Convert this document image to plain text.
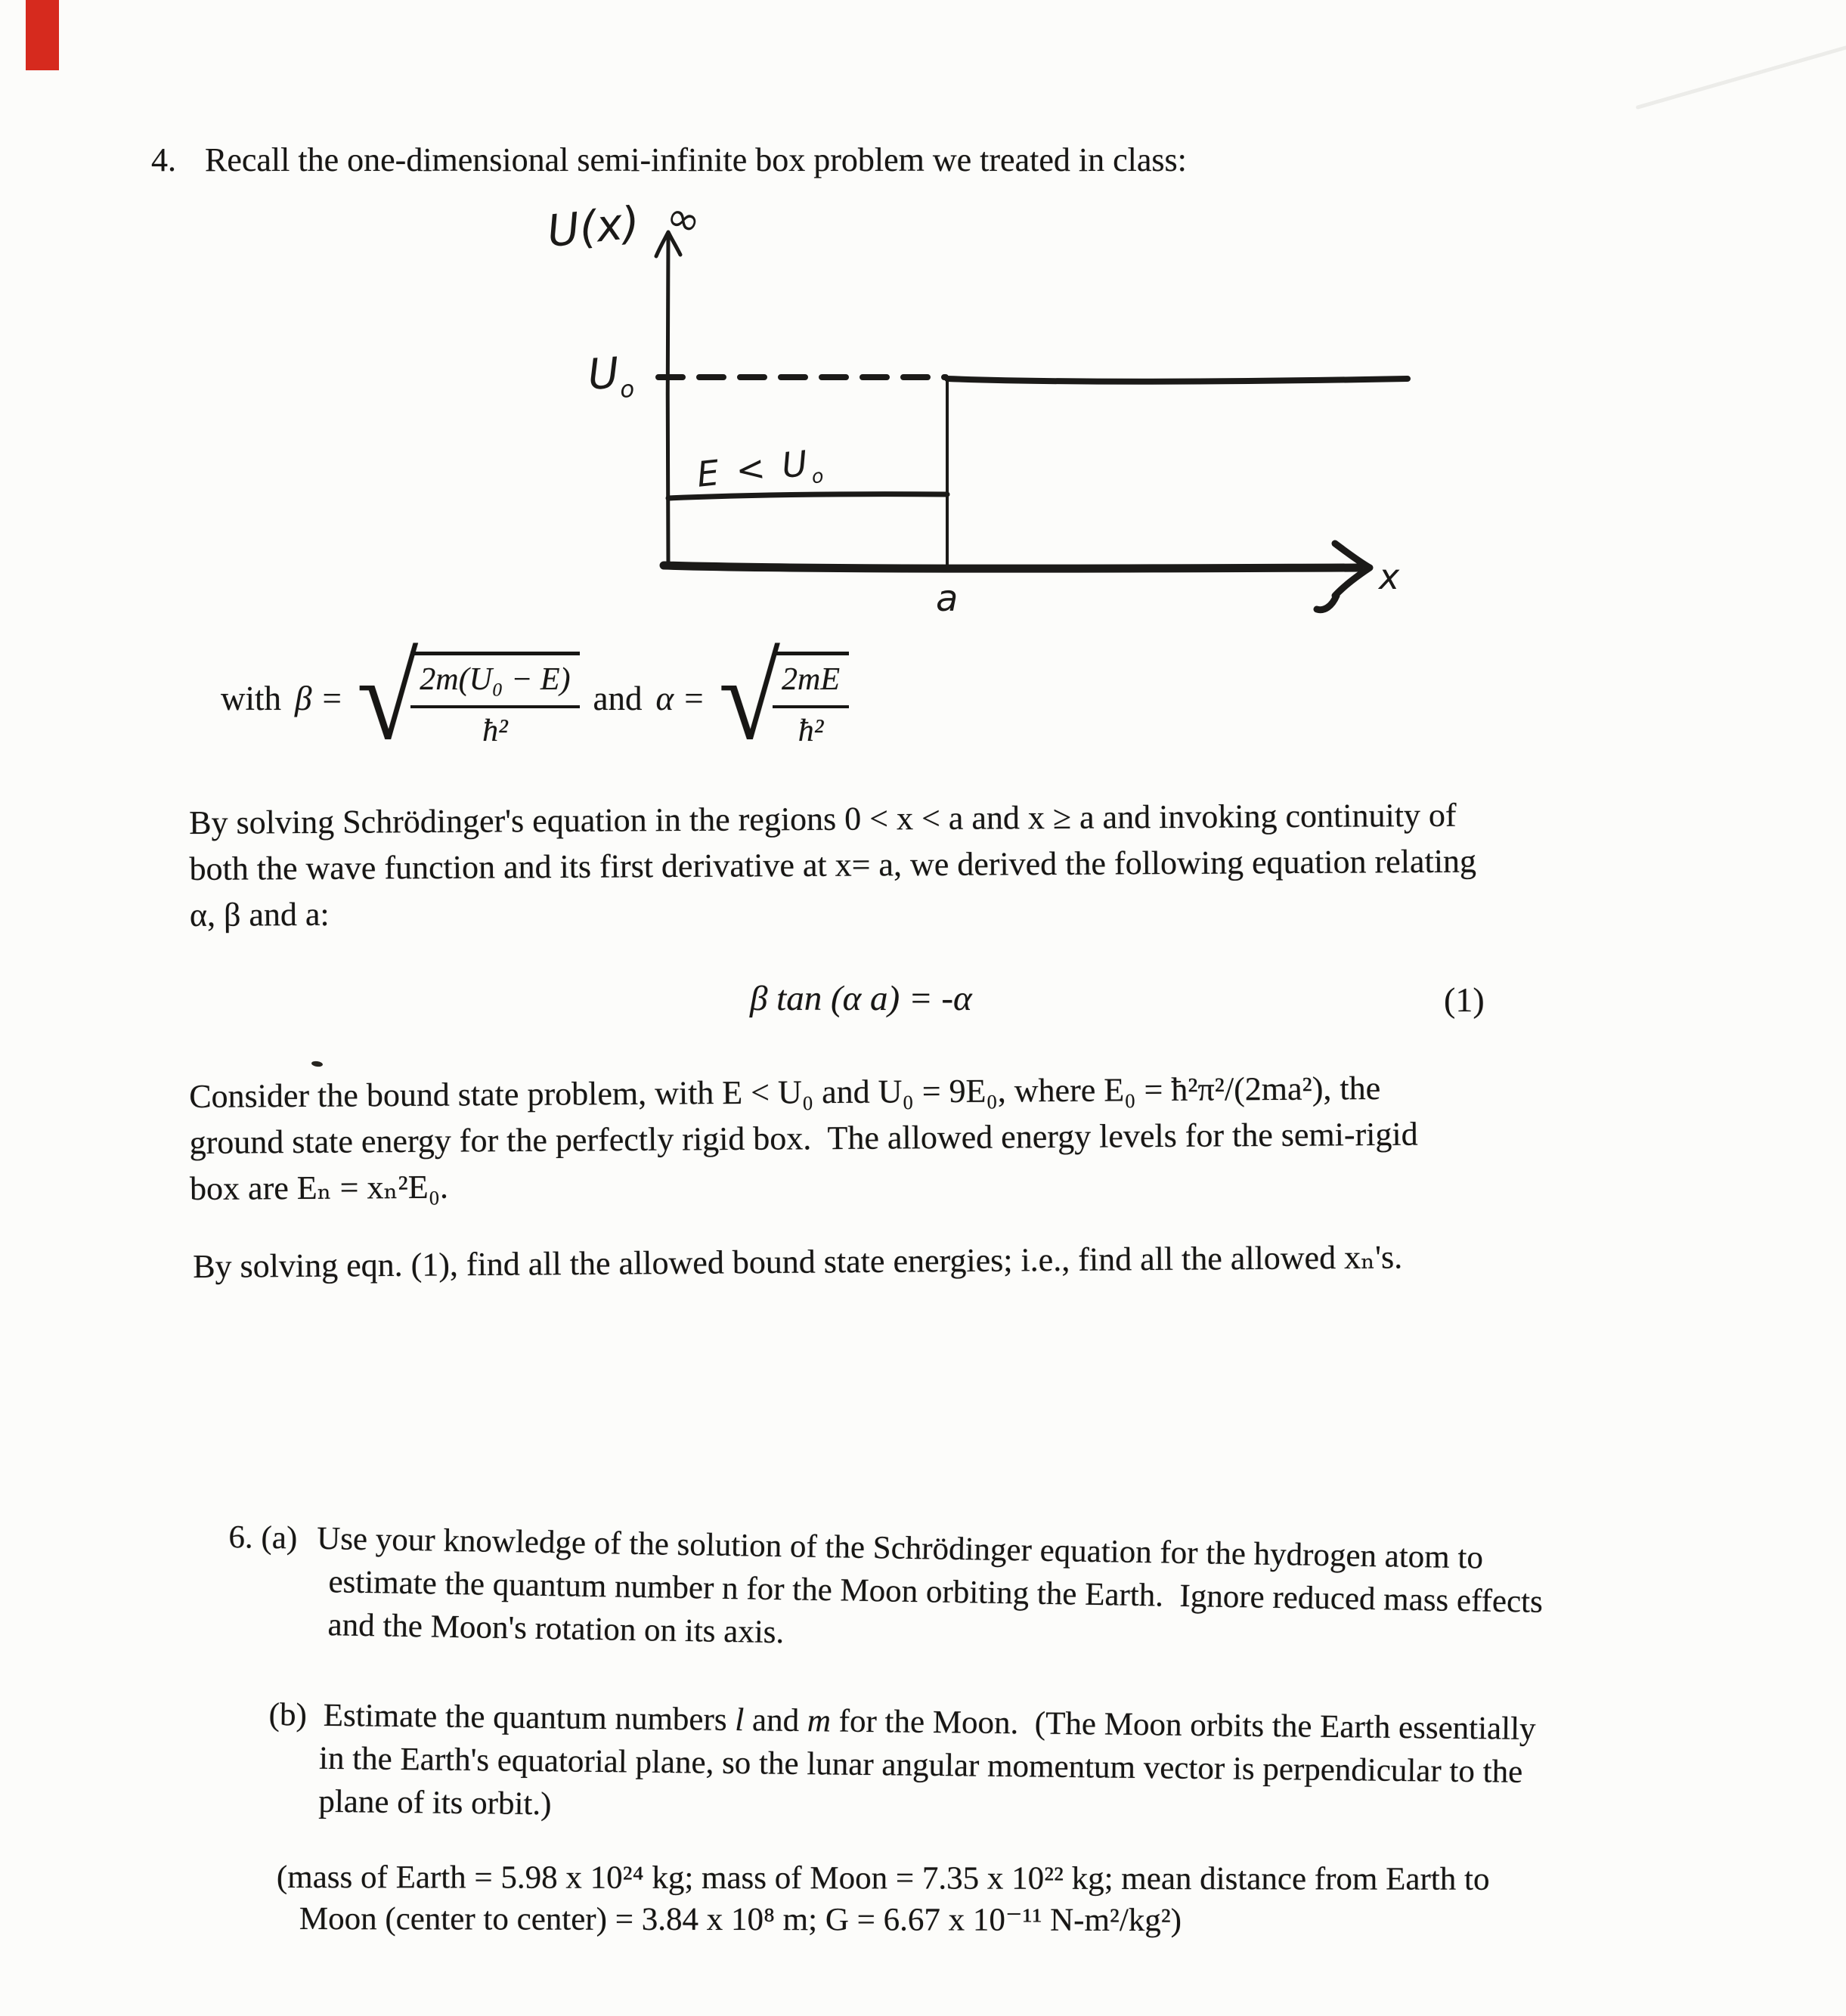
4. Recall the one-dimensional semi-infinite box problem we treated in class:
U(x) ∞
$U_o$
$E < U_o$
a
x
with β = √
$\frac{\text{2m(U₀ − E)}}{\text{ħ²}}$ and α = √
$\frac{2mE}{\text{ħ²}}$
By solving Schrödinger's equation in the regions 0 < x < a and x ≥ a and invoking continuity of
both the wave function and its first derivative at x= a, we derived the following equation relating
α, β and a:
β tan (α a) = -α	(1)
Consider the bound state problem, with E < U₀ and U₀ = 9E₀, where E₀ = ħ²π²/(2ma²), the
ground state energy for the perfectly rigid box.  The allowed energy levels for the semi-rigid
box are Eₙ = xₙ²E₀.
By solving eqn. (1), find all the allowed bound state energies; i.e., find all the allowed xₙ's.
6. (a) Use your knowledge of the solution of the Schrödinger equation for the hydrogen atom to
estimate the quantum number n for the Moon orbiting the Earth.  Ignore reduced mass effects
and the Moon's rotation on its axis.
(b) Estimate the quantum numbers l and m for the Moon.  (The Moon orbits the Earth essentially
in the Earth's equatorial plane, so the lunar angular momentum vector is perpendicular to the
plane of its orbit.)
(mass of Earth = 5.98 x 10²⁴ kg; mass of Moon = 7.35 x 10²² kg; mean distance from Earth to
Moon (center to center) = 3.84 x 10⁸ m; G = 6.67 x 10⁻¹¹ N-m²/kg²)
